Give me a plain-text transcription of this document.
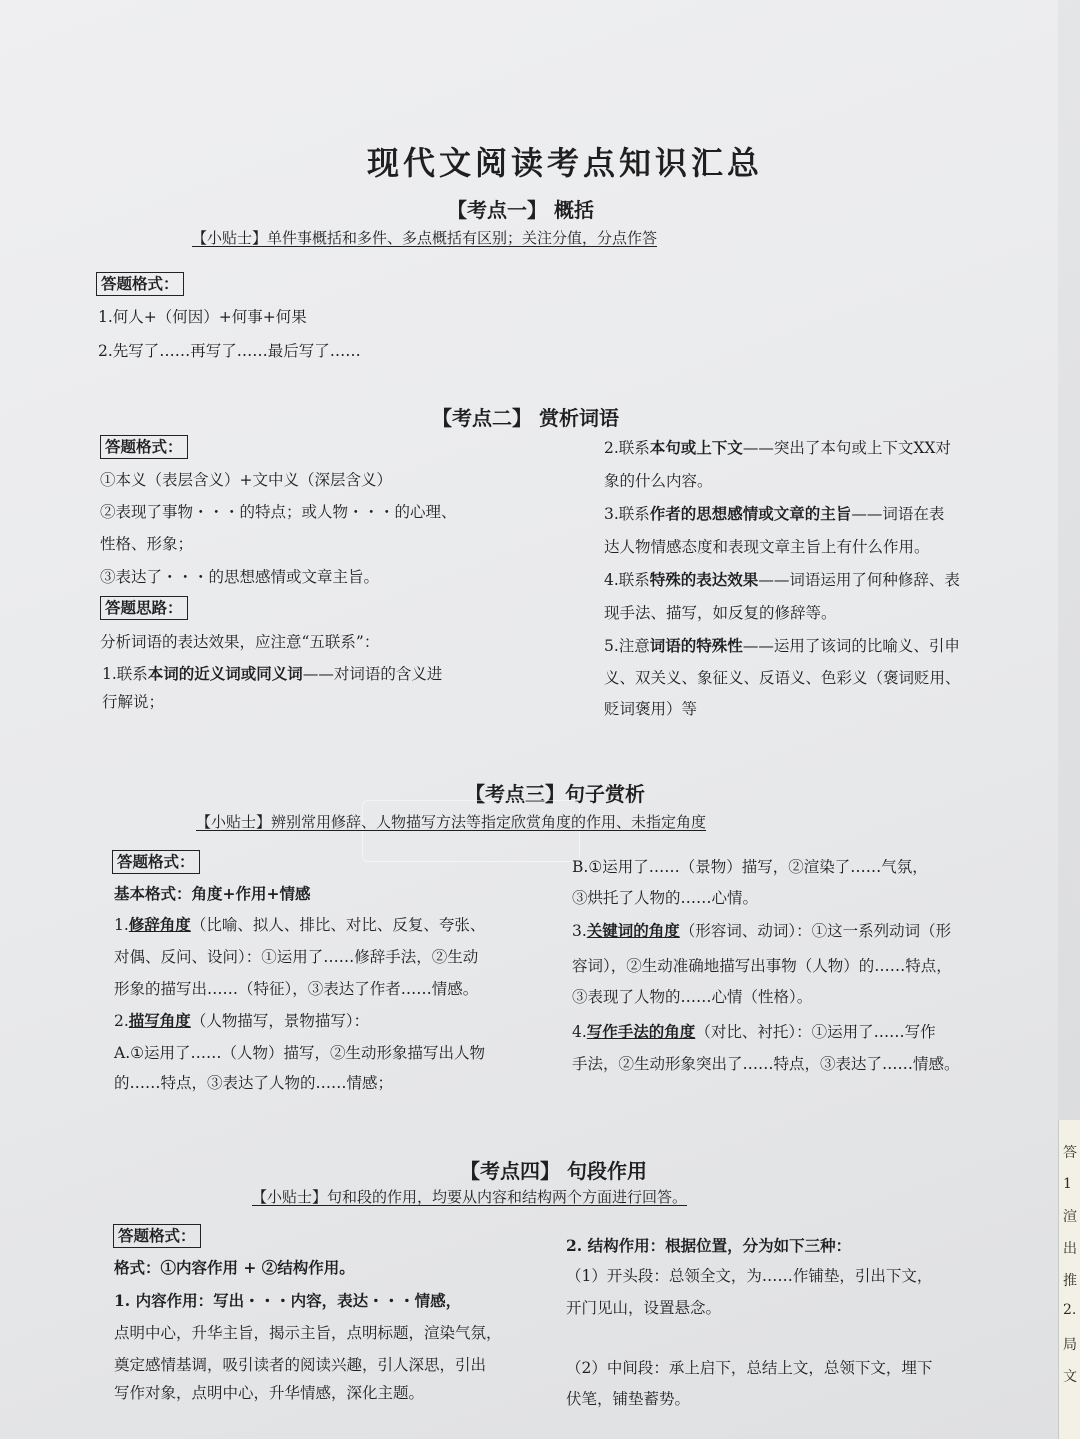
答
1
渲
出
推
2.
局
文
现代文阅读考点知识汇总
【考点一】 概括
【小贴士】单件事概括和多件、多点概括有区别；关注分值，分点作答
答题格式：
1.何人+（何因）+何事+何果
2.先写了……再写了……最后写了……
【考点二】 赏析词语
答题格式：
①本义（表层含义）+文中义（深层含义）
②表现了事物・・・的特点；或人物・・・的心理、
性格、形象；
③表达了・・・的思想感情或文章主旨。
答题思路：
分析词语的表达效果，应注意“五联系”：
1.联系本词的近义词或同义词——对词语的含义进
行解说；
2.联系本句或上下文——突出了本句或上下文XX对
象的什么内容。
3.联系作者的思想感情或文章的主旨——词语在表
达人物情感态度和表现文章主旨上有什么作用。
4.联系特殊的表达效果——词语运用了何种修辞、表
现手法、描写，如反复的修辞等。
5.注意词语的特殊性——运用了该词的比喻义、引申
义、双关义、象征义、反语义、色彩义（褒词贬用、
贬词褒用）等
【考点三】句子赏析
【小贴士】辨别常用修辞、人物描写方法等指定欣赏角度的作用、未指定角度
答题格式：
基本格式：角度+作用+情感
1.修辞角度（比喻、拟人、排比、对比、反复、夸张、
对偶、反问、设问）：①运用了……修辞手法，②生动
形象的描写出……（特征），③表达了作者……情感。
2.描写角度（人物描写，景物描写）：
A.①运用了……（人物）描写，②生动形象描写出人物
的……特点，③表达了人物的……情感；
B.①运用了……（景物）描写，②渲染了……气氛，
③烘托了人物的……心情。
3.关键词的角度（形容词、动词）：①这一系列动词（形
容词），②生动准确地描写出事物（人物）的……特点，
③表现了人物的……心情（性格）。
4.写作手法的角度（对比、衬托）：①运用了……写作
手法，②生动形象突出了……特点，③表达了……情感。
【考点四】 句段作用
【小贴士】句和段的作用，均要从内容和结构两个方面进行回答。
答题格式：
格式：①内容作用 + ②结构作用。
1. 内容作用：写出・・・内容，表达・・・情感，
点明中心，升华主旨，揭示主旨，点明标题，渲染气氛，
奠定感情基调，吸引读者的阅读兴趣，引人深思，引出
写作对象，点明中心，升华情感，深化主题。
2. 结构作用：根据位置，分为如下三种：
（1）开头段：总领全文，为……作铺垫，引出下文，
开门见山，设置悬念。
（2）中间段：承上启下，总结上文，总领下文，埋下
伏笔，铺垫蓄势。
